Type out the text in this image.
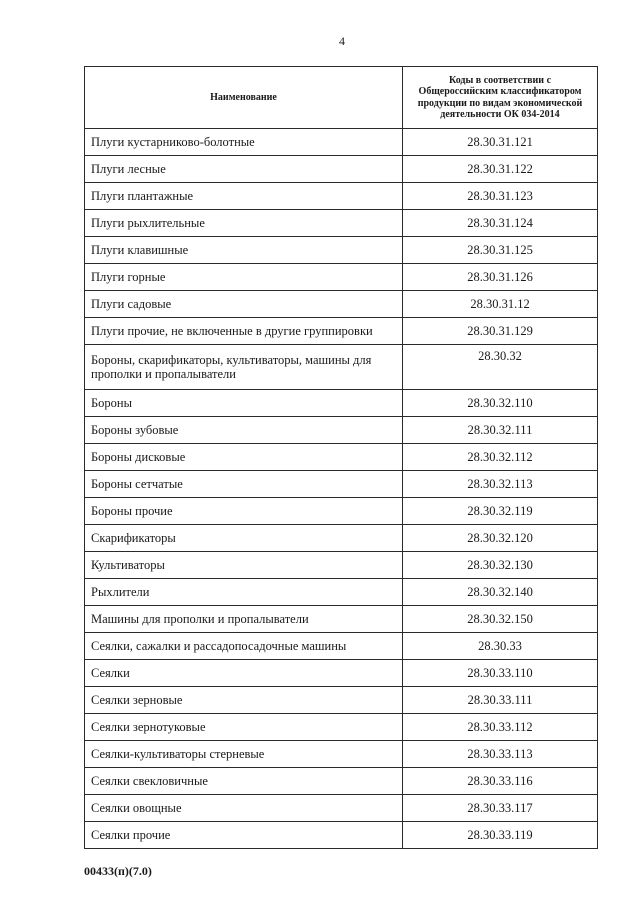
4
Наименование	Коды в соответствии с Общероссийским классификатором продукции по видам экономической деятельности ОК 034-2014
Плуги кустарниково-болотные	28.30.31.121
Плуги лесные	28.30.31.122
Плуги плантажные	28.30.31.123
Плуги рыхлительные	28.30.31.124
Плуги клавишные	28.30.31.125
Плуги горные	28.30.31.126
Плуги садовые	28.30.31.12
Плуги прочие, не включенные в другие группировки	28.30.31.129
Бороны, скарификаторы, культиваторы, машины для прополки и пропалыватели	28.30.32
Бороны	28.30.32.110
Бороны зубовые	28.30.32.111
Бороны дисковые	28.30.32.112
Бороны сетчатые	28.30.32.113
Бороны прочие	28.30.32.119
Скарификаторы	28.30.32.120
Культиваторы	28.30.32.130
Рыхлители	28.30.32.140
Машины для прополки и пропалыватели	28.30.32.150
Сеялки, сажалки и рассадопосадочные машины	28.30.33
Сеялки	28.30.33.110
Сеялки зерновые	28.30.33.111
Сеялки зернотуковые	28.30.33.112
Сеялки-культиваторы стерневые	28.30.33.113
Сеялки свекловичные	28.30.33.116
Сеялки овощные	28.30.33.117
Сеялки прочие	28.30.33.119
00433(п)(7.0)
